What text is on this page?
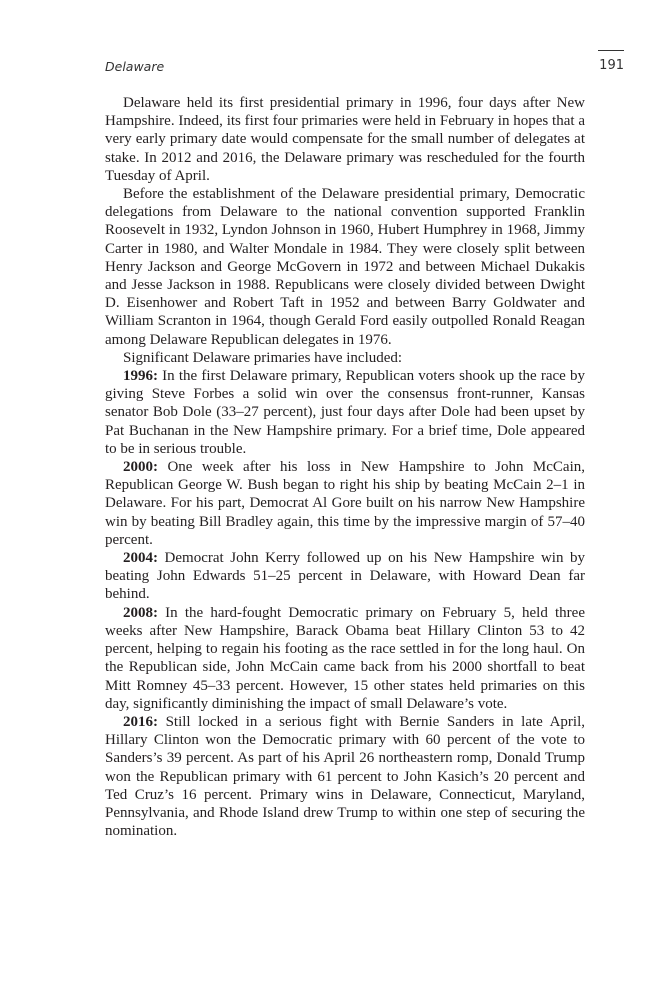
Delaware	191

Delaware held its first presidential primary in 1996, four days after New Hampshire. Indeed, its first four primaries were held in February in hopes that a very early primary date would compensate for the small number of delegates at stake. In 2012 and 2016, the Delaware primary was rescheduled for the fourth Tuesday of April.

Before the establishment of the Delaware presidential primary, Democratic delegations from Delaware to the national convention supported Franklin Roosevelt in 1932, Lyndon Johnson in 1960, Hubert Humphrey in 1968, Jimmy Carter in 1980, and Walter Mondale in 1984. They were closely split between Henry Jackson and George McGovern in 1972 and between Michael Dukakis and Jesse Jackson in 1988. Republicans were closely divided between Dwight D. Eisenhower and Robert Taft in 1952 and between Barry Goldwater and William Scranton in 1964, though Gerald Ford easily outpolled Ronald Reagan among Delaware Republican delegates in 1976.

Significant Delaware primaries have included:

1996: In the first Delaware primary, Republican voters shook up the race by giving Steve Forbes a solid win over the consensus front-runner, Kansas senator Bob Dole (33–27 percent), just four days after Dole had been upset by Pat Buchanan in the New Hampshire primary. For a brief time, Dole appeared to be in serious trouble.

2000: One week after his loss in New Hampshire to John McCain, Republican George W. Bush began to right his ship by beating McCain 2–1 in Delaware. For his part, Democrat Al Gore built on his narrow New Hampshire win by beating Bill Bradley again, this time by the impressive margin of 57–40 percent.

2004: Democrat John Kerry followed up on his New Hampshire win by beating John Edwards 51–25 percent in Delaware, with Howard Dean far behind.

2008: In the hard-fought Democratic primary on February 5, held three weeks after New Hampshire, Barack Obama beat Hillary Clinton 53 to 42 percent, helping to regain his footing as the race settled in for the long haul. On the Republican side, John McCain came back from his 2000 shortfall to beat Mitt Romney 45–33 percent. However, 15 other states held primaries on this day, significantly diminishing the impact of small Delaware’s vote.

2016: Still locked in a serious fight with Bernie Sanders in late April, Hillary Clinton won the Democratic primary with 60 percent of the vote to Sanders’s 39 percent. As part of his April 26 northeastern romp, Donald Trump won the Republican primary with 61 percent to John Kasich’s 20 percent and Ted Cruz’s 16 percent. Primary wins in Delaware, Connecticut, Maryland, Pennsylvania, and Rhode Island drew Trump to within one step of securing the nomination.
